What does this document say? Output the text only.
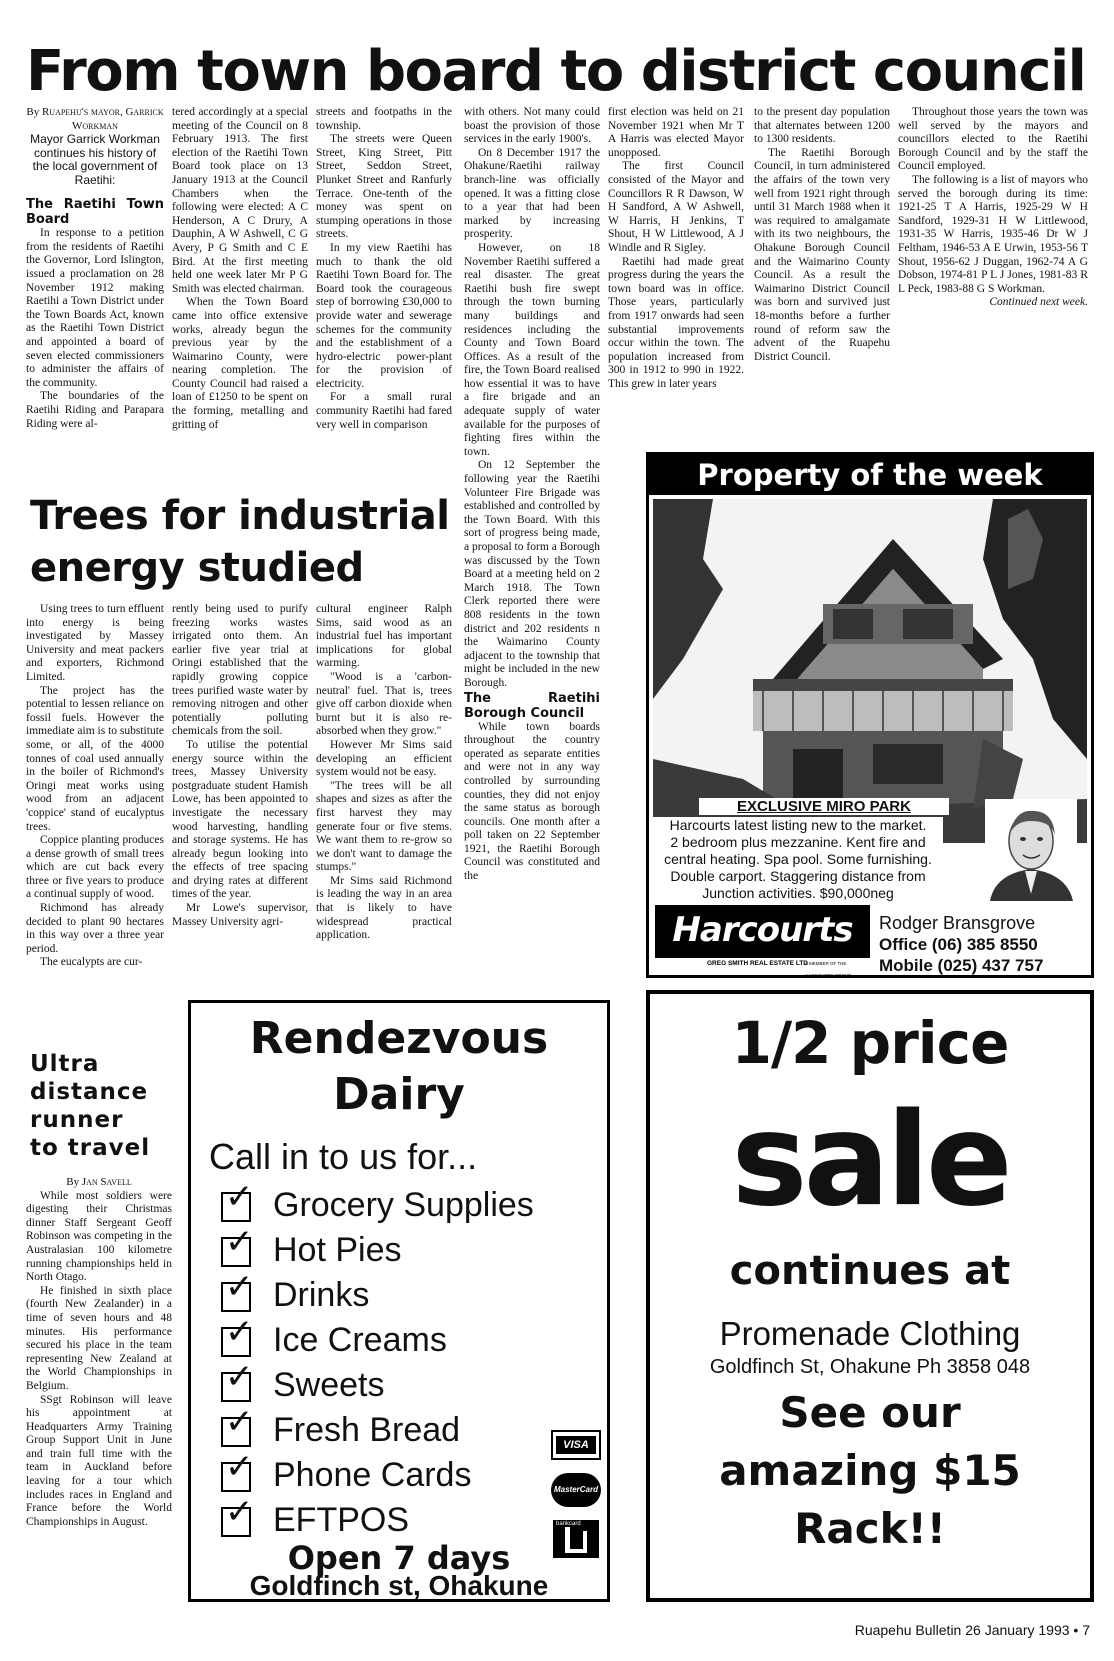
From town board to district council

By Ruapehu's mayor, Garrick Workman

Mayor Garrick Workman continues his history of the local government of Raetihi:

The Raetihi Town Board

In response to a petition from the residents of Raetihi the Governor, Lord Islington, issued a proclamation on 28 November 1912 making Raetihi a Town District under the Town Boards Act, known as the Raetihi Town District and appointed a board of seven elected commissioners to administer the affairs of the community.

The boundaries of the Raetihi Riding and Parapara Riding were al-

tered accordingly at a special meeting of the Council on 8 February 1913. The first election of the Raetihi Town Board took place on 13 January 1913 at the Council Chambers when the following were elected: A C Henderson, A C Drury, A Dauphin, A W Ashwell, C G Avery, P G Smith and C E Bird. At the first meeting held one week later Mr P G Smith was elected chairman.

When the Town Board came into office extensive works, already begun the previous year by the Waimarino County, were nearing completion. The County Council had raised a loan of £1250 to be spent on the forming, metalling and gritting of

streets and footpaths in the township.

The streets were Queen Street, King Street, Pitt Street, Seddon Street, Plunket Street and Ranfurly Terrace. One-tenth of the money was spent on stumping operations in those streets.

In my view Raetihi has much to thank the old Raetihi Town Board for. The Board took the courageous step of borrowing £30,000 to provide water and sewerage schemes for the community and the establishment of a hydro-electric power-plant for the provision of electricity.

For a small rural community Raetihi had fared very well in comparison

with others. Not many could boast the provision of those services in the early 1900's.

On 8 December 1917 the Ohakune/Raetihi railway branch-line was officially opened. It was a fitting close to a year that had been marked by increasing prosperity.

However, on 18 November Raetihi suffered a real disaster. The great Raetihi bush fire swept through the town burning many buildings and residences including the County and Town Board Offices. As a result of the fire, the Town Board realised how essential it was to have a fire brigade and an adequate supply of water available for the purposes of fighting fires within the town.

On 12 September the following year the Raetihi Volunteer Fire Brigade was established and controlled by the Town Board. With this sort of progress being made, a proposal to form a Borough was discussed by the Town Board at a meeting held on 2 March 1918. The Town Clerk reported there were 808 residents in the town district and 202 residents n the Waimarino County adjacent to the township that might be included in the new Borough.

The Raetihi Borough Council

While town boards throughout the country operated as separate entities and were not in any way controlled by surrounding counties, they did not enjoy the same status as borough councils. One month after a poll taken on 22 September 1921, the Raetihi Borough Council was constituted and the

first election was held on 21 November 1921 when Mr T A Harris was elected Mayor unopposed.

The first Council consisted of the Mayor and Councillors R R Dawson, W H Sandford, A W Ashwell, W Harris, H Jenkins, T Shout, H W Littlewood, A J Windle and R Sigley.

Raetihi had made great progress during the years the town board was in office. Those years, particularly from 1917 onwards had seen substantial improvements occur within the town. The population increased from 300 in 1912 to 990 in 1922. This grew in later years

to the present day population that alternates between 1200 to 1300 residents.

The Raetihi Borough Council, in turn administered the affairs of the town very well from 1921 right through until 31 March 1988 when it was required to amalgamate with its two neighbours, the Ohakune Borough Council and the Waimarino County Council. As a result the Waimarino District Council was born and survived just 18-months before a further round of reform saw the advent of the Ruapehu District Council.

Throughout those years the town was well served by the mayors and councillors elected to the Raetihi Borough Council and by the staff the Council employed.

The following is a list of mayors who served the borough during its time: 1921-25 T A Harris, 1925-29 W H Sandford, 1929-31 H W Littlewood, 1931-35 W Harris, 1935-46 Dr W J Feltham, 1946-53 A E Urwin, 1953-56 T Shout, 1956-62 J Duggan, 1962-74 A G Dobson, 1974-81 P L J Jones, 1981-83 R L Peck, 1983-88 G S Workman.

Continued next week.

Trees for industrial
energy studied

Using trees to turn effluent into energy is being investigated by Massey University and meat packers and exporters, Richmond Limited.

The project has the potential to lessen reliance on fossil fuels. However the immediate aim is to substitute some, or all, of the 4000 tonnes of coal used annually in the boiler of Richmond's Oringi meat works using wood from an adjacent 'coppice' stand of eucalyptus trees.

Coppice planting produces a dense growth of small trees which are cut back every three or five years to produce a continual supply of wood.

Richmond has already decided to plant 90 hectares in this way over a three year period.

The eucalypts are cur-

rently being used to purify freezing works wastes irrigated onto them. An earlier five year trial at Oringi established that the rapidly growing coppice trees purified waste water by removing nitrogen and other potentially polluting chemicals from the soil.

To utilise the potential energy source within the trees, Massey University postgraduate student Hamish Lowe, has been appointed to investigate the necessary wood harvesting, handling and storage systems. He has already begun looking into the effects of tree spacing and drying rates at different times of the year.

Mr Lowe's supervisor, Massey University agri-

cultural engineer Ralph Sims, said wood as an industrial fuel has important implications for global warming.

"Wood is a 'carbon-neutral' fuel. That is, trees give off carbon dioxide when burnt but it is also re-absorbed when they grow."

However Mr Sims said developing an efficient system would not be easy.

"The trees will be all shapes and sizes as after the first harvest they may generate four or five stems. We want them to re-grow so we don't want to damage the stumps."

Mr Sims said Richmond is leading the way in an area that is likely to have widespread practical application.

Ultra
distance
runner
to travel

By Jan Savell

While most soldiers were digesting their Christmas dinner Staff Sergeant Geoff Robinson was competing in the Australasian 100 kilometre running championships held in North Otago.

He finished in sixth place (fourth New Zealander) in a time of seven hours and 48 minutes. His performance secured his place in the team representing New Zealand at the World Championships in Belgium.

SSgt Robinson will leave his appointment at Headquarters Army Training Group Support Unit in June and train full time with the team in Auckland before leaving for a tour which includes races in England and France before the World Championships in August.

Property of the week
EXCLUSIVE MIRO PARK
Harcourts latest listing new to the market.
2 bedroom plus mezzanine. Kent fire and
central heating. Spa pool. Some furnishing.
Double carport. Staggering distance from
Junction activities. $90,000neg
Harcourts
GREG SMITH REAL ESTATE LTD
A MEMBER OF THE HARCOURTS GROUP
Rodger Bransgrove
Office (06) 385 8550
Mobile (025) 437 757
Rendezvous
Dairy
Call in to us for...
✓ Grocery Supplies
✓ Hot Pies
✓ Drinks
✓ Ice Creams
✓ Sweets
✓ Fresh Bread
✓ Phone Cards
✓ EFTPOS
VISA
MasterCard
bankcard
Open 7 days
Goldfinch st, Ohakune
1/2 price
sale
continues at
Promenade Clothing
Goldfinch St, Ohakune Ph 3858 048
See our
amazing $15
Rack!!
Ruapehu Bulletin 26 January 1993 • 7
